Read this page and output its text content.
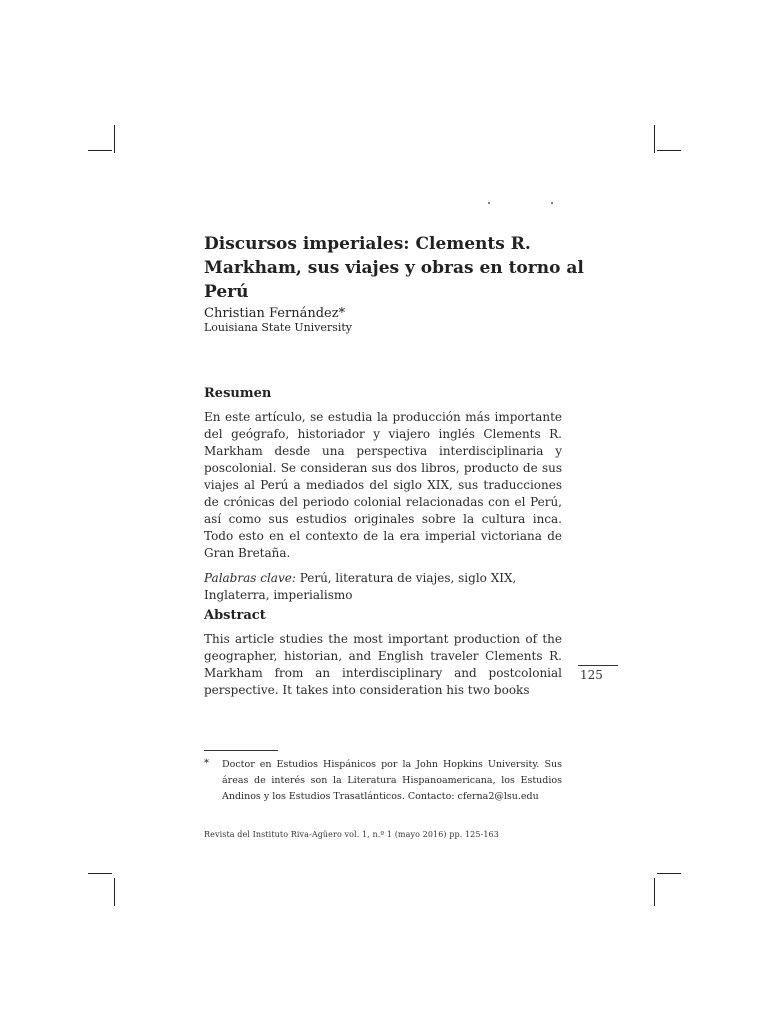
Discursos imperiales: Clements R. Markham, sus viajes y obras en torno al Perú
Christian Fernández*
Louisiana State University
Resumen

En este artículo, se estudia la producción más importante del geógrafo, historiador y viajero inglés Clements R. Markham desde una perspectiva interdisciplinaria y poscolonial. Se consideran sus dos libros, producto de sus viajes al Perú a mediados del siglo XIX, sus traducciones de crónicas del periodo colonial relacionadas con el Perú, así como sus estudios originales sobre la cultura inca. Todo esto en el contexto de la era imperial victoriana de Gran Bretaña.

Palabras clave: Perú, literatura de viajes, siglo XIX, Inglaterra, imperialismo

Abstract

This article studies the most important production of the geographer, historian, and English traveler Clements R. Markham from an interdisciplinary and postcolonial perspective. It takes into consideration his two books

125
* Doctor en Estudios Hispánicos por la John Hopkins University. Sus áreas de interés son la Literatura Hispanoamericana, los Estudios Andinos y los Estudios Trasatlánticos. Contacto: cferna2@lsu.edu

Revista del Instituto Riva-Agüero vol. 1, n.º 1 (mayo 2016) pp. 125-163
